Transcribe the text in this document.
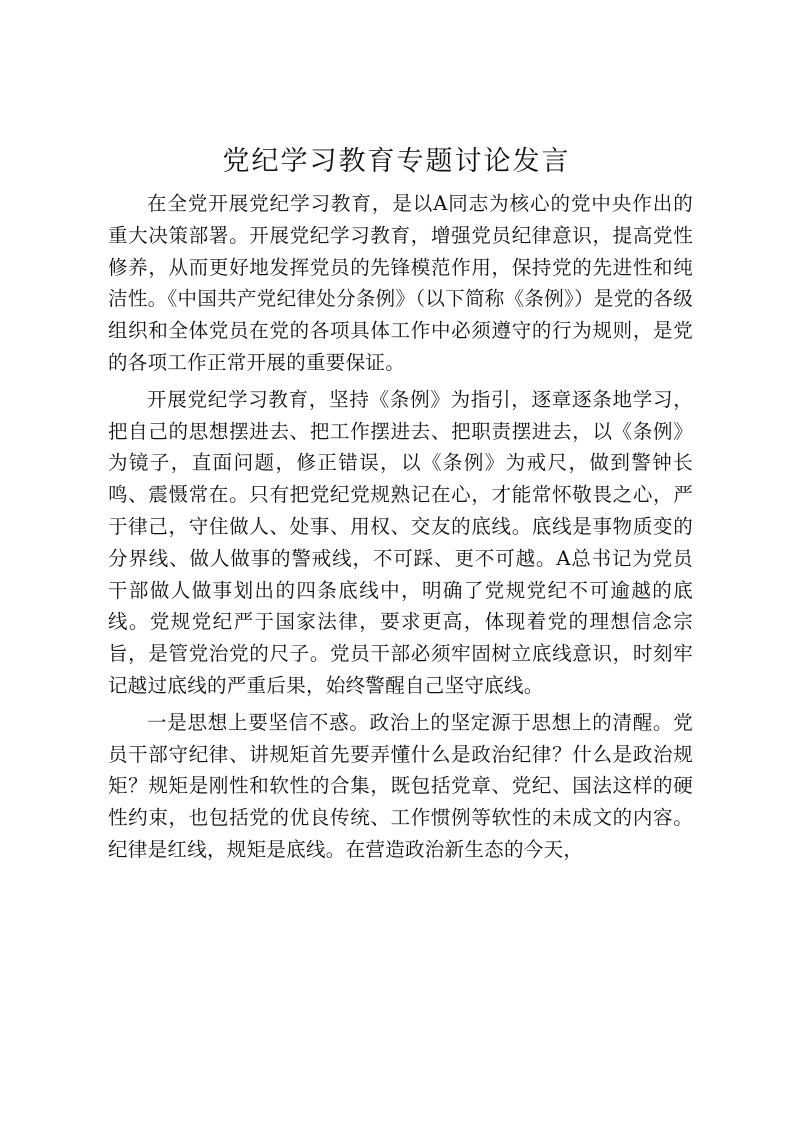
党纪学习教育专题讨论发言

在全党开展党纪学习教育，是以A同志为核心的党中央作出的重大决策部署。开展党纪学习教育，增强党员纪律意识，提高党性修养，从而更好地发挥党员的先锋模范作用，保持党的先进性和纯洁性。《中国共产党纪律处分条例》（以下简称《条例》）是党的各级组织和全体党员在党的各项具体工作中必须遵守的行为规则，是党的各项工作正常开展的重要保证。

开展党纪学习教育，坚持《条例》为指引，逐章逐条地学习，把自己的思想摆进去、把工作摆进去、把职责摆进去，以《条例》为镜子，直面问题，修正错误，以《条例》为戒尺，做到警钟长鸣、震慑常在。只有把党纪党规熟记在心，才能常怀敬畏之心，严于律己，守住做人、处事、用权、交友的底线。底线是事物质变的分界线、做人做事的警戒线，不可踩、更不可越。A总书记为党员干部做人做事划出的四条底线中，明确了党规党纪不可逾越的底线。党规党纪严于国家法律，要求更高，体现着党的理想信念宗旨，是管党治党的尺子。党员干部必须牢固树立底线意识，时刻牢记越过底线的严重后果，始终警醒自己坚守底线。

一是思想上要坚信不惑。政治上的坚定源于思想上的清醒。党员干部守纪律、讲规矩首先要弄懂什么是政治纪律？什么是政治规矩？规矩是刚性和软性的合集，既包括党章、党纪、国法这样的硬性约束，也包括党的优良传统、工作惯例等软性的未成文的内容。纪律是红线，规矩是底线。在营造政治新生态的今天，
